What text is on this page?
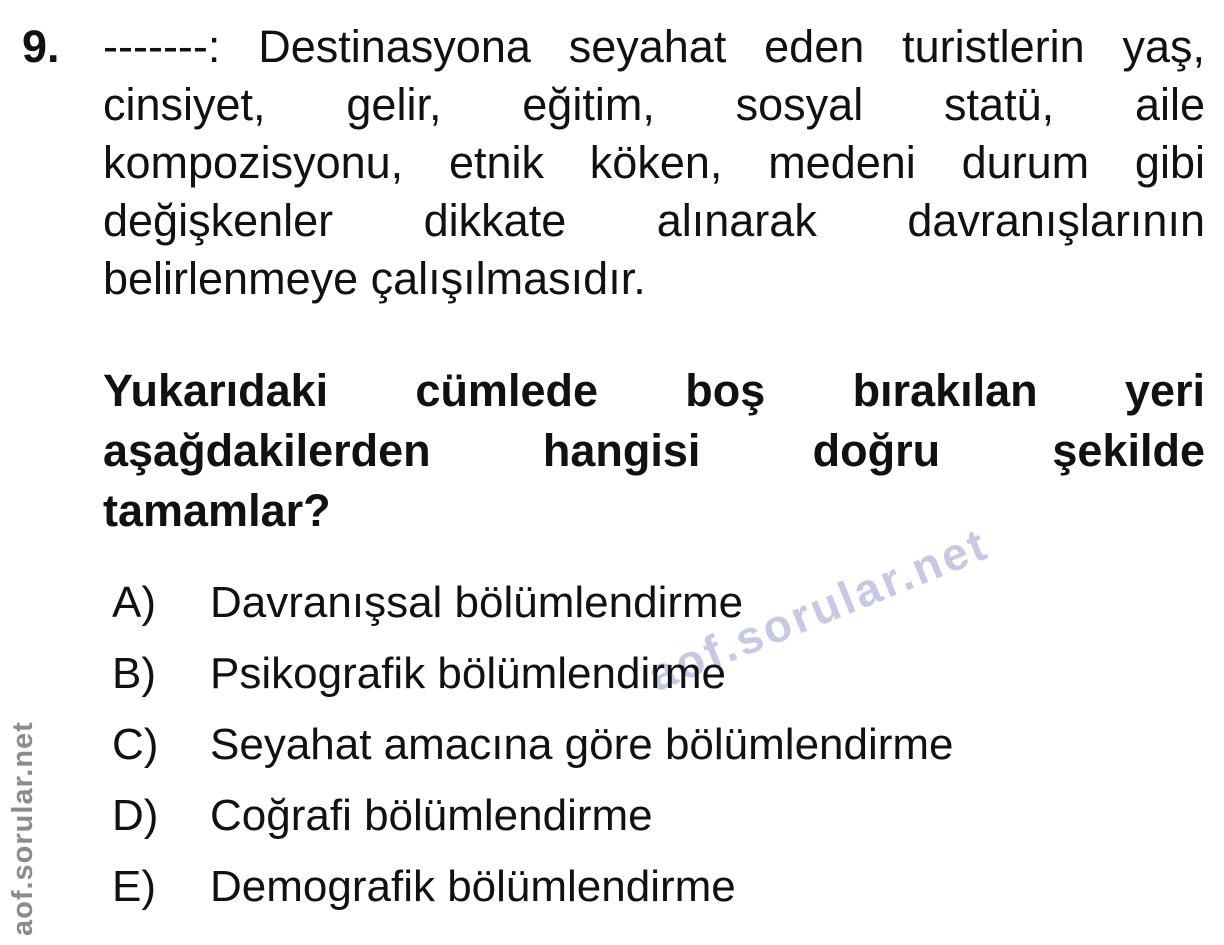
aof.sorular.net
aof.sorular.net
9. -------: Destinasyona seyahat eden turistlerin yaş,
cinsiyet, gelir, eğitim, sosyal statü, aile
kompozisyonu, etnik köken, medeni durum gibi
değişkenler dikkate alınarak davranışlarının
belirlenmeye çalışılmasıdır.
Yukarıdaki cümlede boş bırakılan yeri
aşağdakilerden hangisi doğru şekilde
tamamlar?
A)	Davranışsal bölümlendirme
B)	Psikografik bölümlendirme
C)	Seyahat amacına göre bölümlendirme
D)	Coğrafi bölümlendirme
E)	Demografik bölümlendirme
